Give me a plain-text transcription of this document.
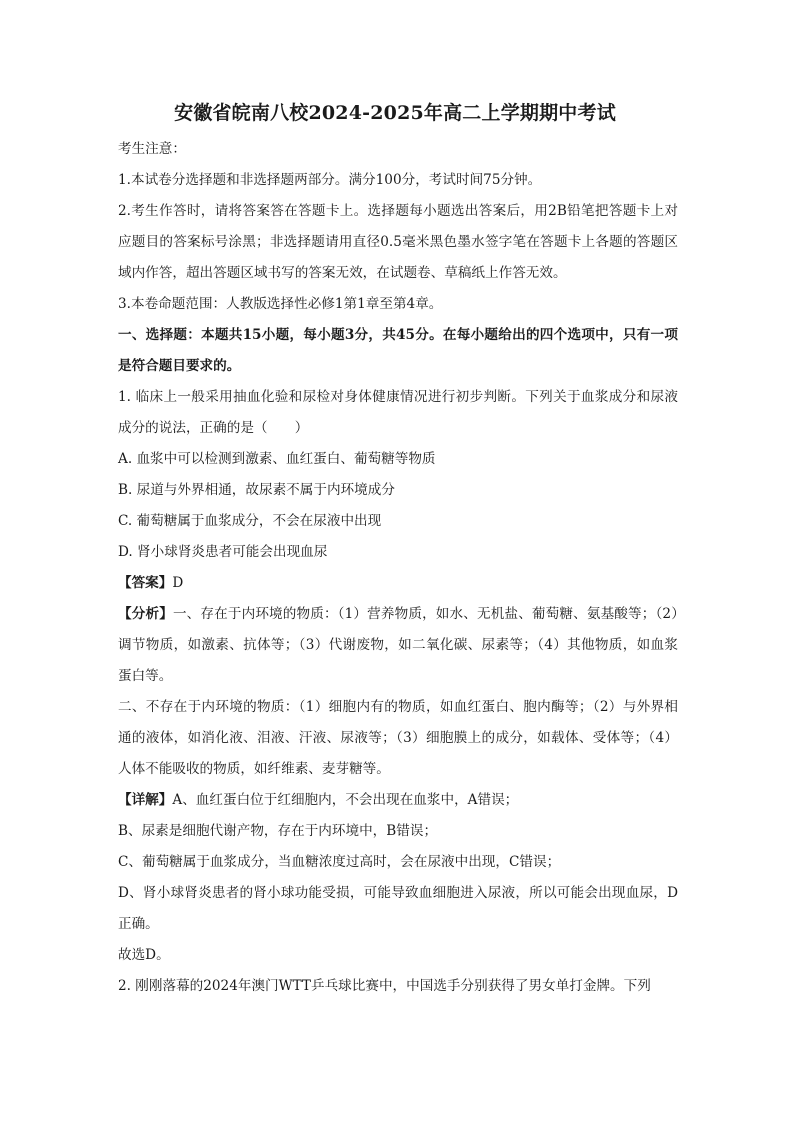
安徽省皖南八校2024-2025年高二上学期期中考试

考生注意：

1.本试卷分选择题和非选择题两部分。满分100分，考试时间75分钟。

2.考生作答时，请将答案答在答题卡上。选择题每小题选出答案后，用2B铅笔把答题卡上对应题目的答案标号涂黑；非选择题请用直径0.5毫米黑色墨水签字笔在答题卡上各题的答题区域内作答，超出答题区域书写的答案无效，在试题卷、草稿纸上作答无效。

3.本卷命题范围：人教版选择性必修1第1章至第4章。

一、选择题：本题共15小题，每小题3分，共45分。在每小题给出的四个选项中，只有一项是符合题目要求的。

1. 临床上一般采用抽血化验和尿检对身体健康情况进行初步判断。下列关于血浆成分和尿液成分的说法，正确的是（　　）

A. 血浆中可以检测到激素、血红蛋白、葡萄糖等物质

B. 尿道与外界相通，故尿素不属于内环境成分

C. 葡萄糖属于血浆成分，不会在尿液中出现

D. 肾小球肾炎患者可能会出现血尿

【答案】D

【分析】一、存在于内环境的物质：（1）营养物质，如水、无机盐、葡萄糖、氨基酸等；（2）调节物质，如激素、抗体等；（3）代谢废物，如二氧化碳、尿素等；（4）其他物质，如血浆蛋白等。

二、不存在于内环境的物质：（1）细胞内有的物质，如血红蛋白、胞内酶等；（2）与外界相通的液体，如消化液、泪液、汗液、尿液等；（3）细胞膜上的成分，如载体、受体等；（4）人体不能吸收的物质，如纤维素、麦芽糖等。

【详解】A、血红蛋白位于红细胞内，不会出现在血浆中，A错误；

B、尿素是细胞代谢产物，存在于内环境中，B错误；

C、葡萄糖属于血浆成分，当血糖浓度过高时，会在尿液中出现，C错误；

D、肾小球肾炎患者的肾小球功能受损，可能导致血细胞进入尿液，所以可能会出现血尿，D正确。

故选D。

2. 刚刚落幕的2024年澳门WTT乒乓球比赛中，中国选手分别获得了男女单打金牌。下列
